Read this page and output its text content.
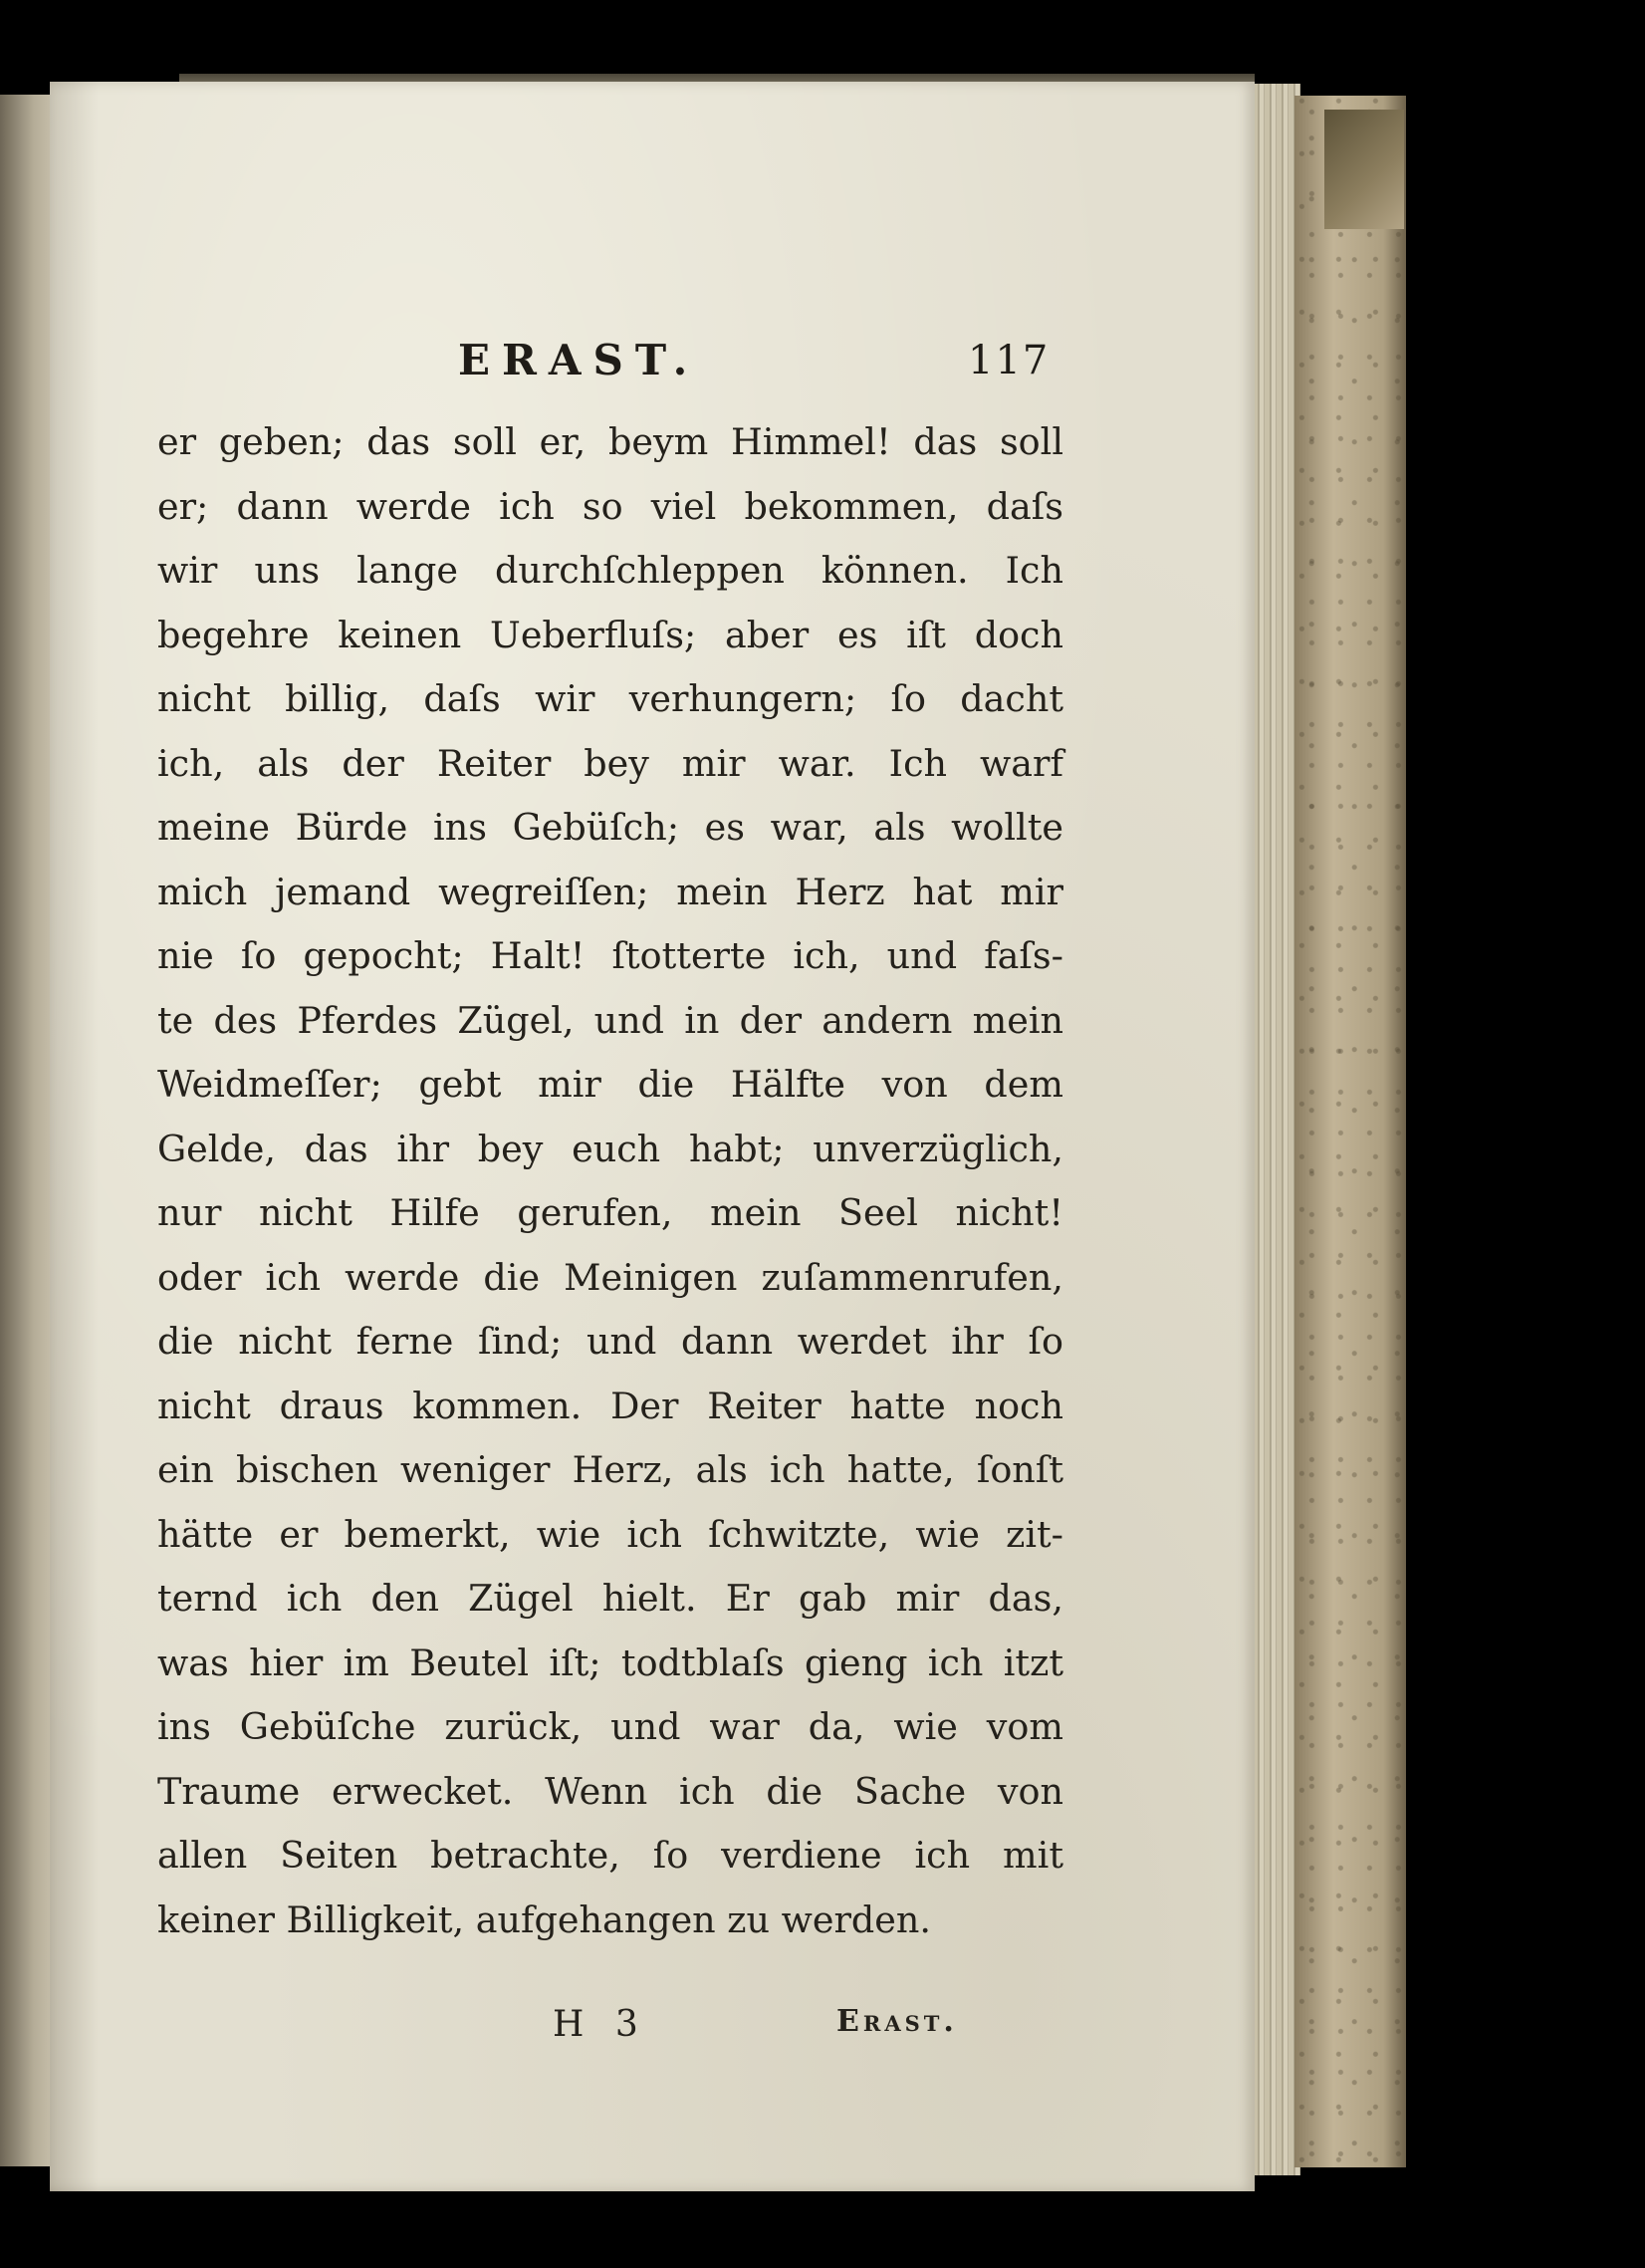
ERAST.	117
er geben; das soll er, beym Himmel! das soll
er; dann werde ich so viel bekommen, daſs
wir uns lange durchſchleppen können. Ich
begehre keinen Ueberfluſs; aber es iſt doch
nicht billig, daſs wir verhungern; ſo dacht
ich, als der Reiter bey mir war. Ich warf
meine Bürde ins Gebüſch; es war, als wollte
mich jemand wegreiſſen; mein Herz hat mir
nie ſo gepocht; Halt! ſtotterte ich, und faſs-
te des Pferdes Zügel, und in der andern mein
Weidmeſſer; gebt mir die Hälfte von dem
Gelde, das ihr bey euch habt; unverzüglich,
nur nicht Hilfe gerufen, mein Seel nicht!
oder ich werde die Meinigen zuſammenrufen,
die nicht ferne ſind; und dann werdet ihr ſo
nicht draus kommen. Der Reiter hatte noch
ein bischen weniger Herz, als ich hatte, ſonſt
hätte er bemerkt, wie ich ſchwitzte, wie zit-
ternd ich den Zügel hielt. Er gab mir das,
was hier im Beutel iſt; todtblaſs gieng ich itzt
ins Gebüſche zurück, und war da, wie vom
Traume erwecket. Wenn ich die Sache von
allen Seiten betrachte, ſo verdiene ich mit
keiner Billigkeit, aufgehangen zu werden.
H 3	Erast.
